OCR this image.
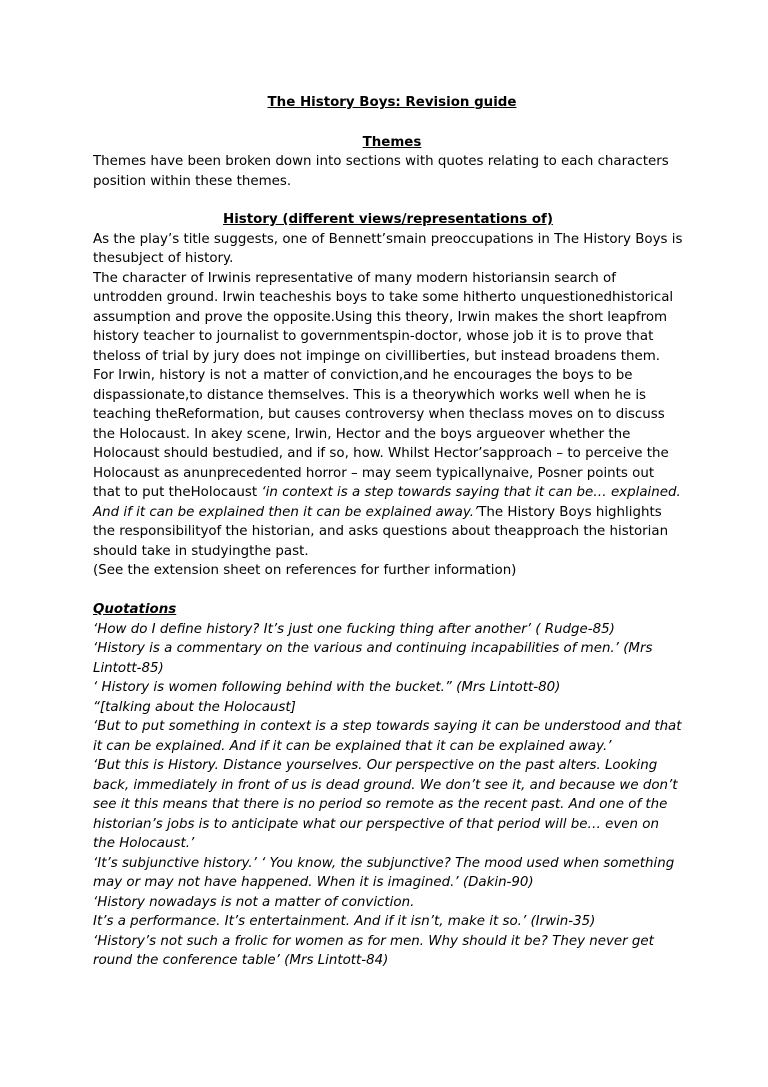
The History Boys: Revision guide
Themes

Themes have been broken down into sections with quotes relating to each characters position within these themes.

History (different views/representations of)

As the play’s title suggests, one of Bennett’smain preoccupations in The History Boys is thesubject of history.

The character of Irwinis representative of many modern historiansin search of untrodden ground. Irwin teacheshis boys to take some hitherto unquestionedhistorical assumption and prove the opposite.Using this theory, Irwin makes the short leapfrom history teacher to journalist to governmentspin-doctor, whose job it is to prove that theloss of trial by jury does not impinge on civilliberties, but instead broadens them. For Irwin, history is not a matter of conviction,and he encourages the boys to be dispassionate,to distance themselves. This is a theorywhich works well when he is teaching theReformation, but causes controversy when theclass moves on to discuss the Holocaust. In akey scene, Irwin, Hector and the boys argueover whether the Holocaust should bestudied, and if so, how. Whilst Hector’sapproach – to perceive the Holocaust as anunprecedented horror – may seem typicallynaive, Posner points out that to put theHolocaust ‘in context is a step towards saying that it can be… explained. And if it can be explained then it can be explained away.’The History Boys highlights the responsibilityof the historian, and asks questions about theapproach the historian should take in studyingthe past.

(See the extension sheet on references for further information)

Quotations

‘How do I define history? It’s just one fucking thing after another’ ( Rudge-85)

‘History is a commentary on the various and continuing incapabilities of men.’ (Mrs Lintott-85)

‘ History is women following behind with the bucket.” (Mrs Lintott-80)

“[talking about the Holocaust]

‘But to put something in context is a step towards saying it can be understood and that it can be explained. And if it can be explained that it can be explained away.’

‘But this is History. Distance yourselves. Our perspective on the past alters. Looking back, immediately in front of us is dead ground. We don’t see it, and because we don’t see it this means that there is no period so remote as the recent past. And one of the historian’s jobs is to anticipate what our perspective of that period will be… even on the Holocaust.’

‘It’s subjunctive history.’ ‘ You know, the subjunctive? The mood used when something may or may not have happened. When it is imagined.’ (Dakin-90)

‘History nowadays is not a matter of conviction.

It’s a performance. It’s entertainment. And if it isn’t, make it so.’ (Irwin-35)

‘History’s not such a frolic for women as for men. Why should it be? They never get round the conference table’ (Mrs Lintott-84)
